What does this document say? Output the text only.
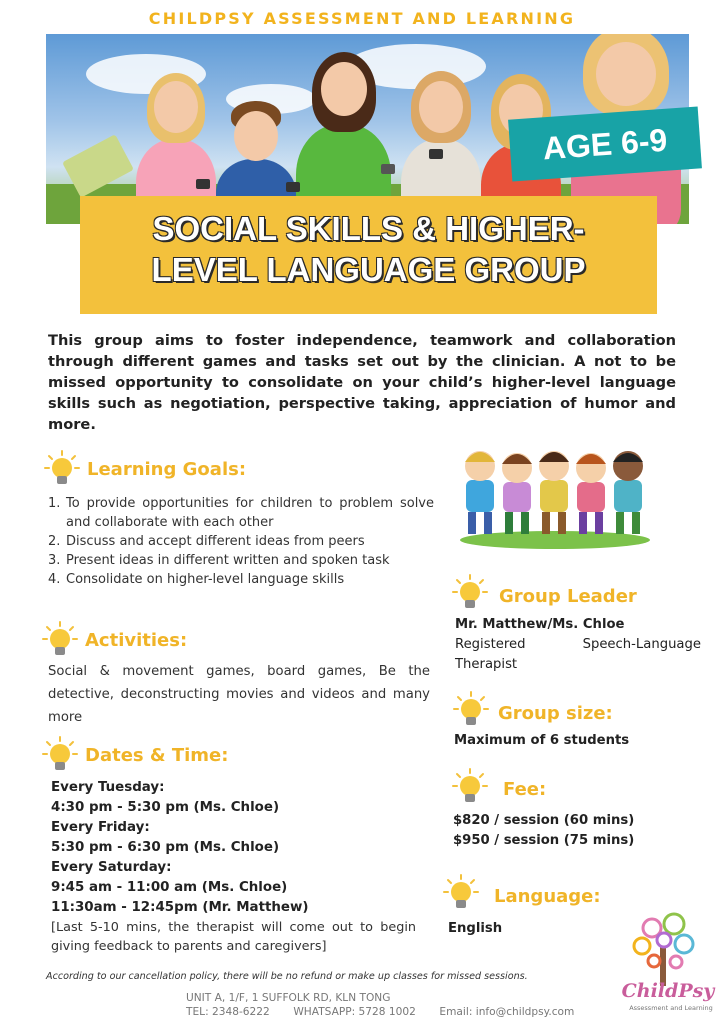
CHILDPSY ASSESSMENT AND LEARNING
AGE 6-9
SOCIAL SKILLS & HIGHER-
LEVEL LANGUAGE GROUP

This group aims to foster independence, teamwork and collaboration through different games and tasks set out by the clinician. A not to be missed opportunity to consolidate on your child’s higher-level language skills such as negotiation, perspective taking, appreciation of humor and more.

Learning Goals:
1. To provide opportunities for children to problem solve and collaborate with each other
2. Discuss and accept different ideas from peers
3. Present ideas in different written and spoken task
4. Consolidate on higher-level language skills
Activities:

Social & movement games, board games, Be the detective, deconstructing movies and videos and many more

Dates & Time:
Every Tuesday:
4:30 pm - 5:30 pm (Ms. Chloe)
Every Friday:
5:30 pm - 6:30 pm (Ms. Chloe)
Every Saturday:
9:45 am - 11:00 am (Ms. Chloe)
11:30am - 12:45pm (Mr. Matthew)
[Last 5-10 mins, the therapist will come out to begin giving feedback to parents and caregivers]
Group Leader
Mr. Matthew/Ms. Chloe
Registered Speech-Language Therapist
Group size:
Maximum of 6 students
Fee:
$820 / session (60 mins)
$950 / session (75 mins)
Language:
English
ChildPsy
Assessment and Learning

According to our cancellation policy, there will be no refund or make up classes for missed sessions.

UNIT A, 1/F, 1 SUFFOLK RD, KLN TONG
TEL: 2348-6222 WHATSAPP: 5728 1002 Email: info@childpsy.com
